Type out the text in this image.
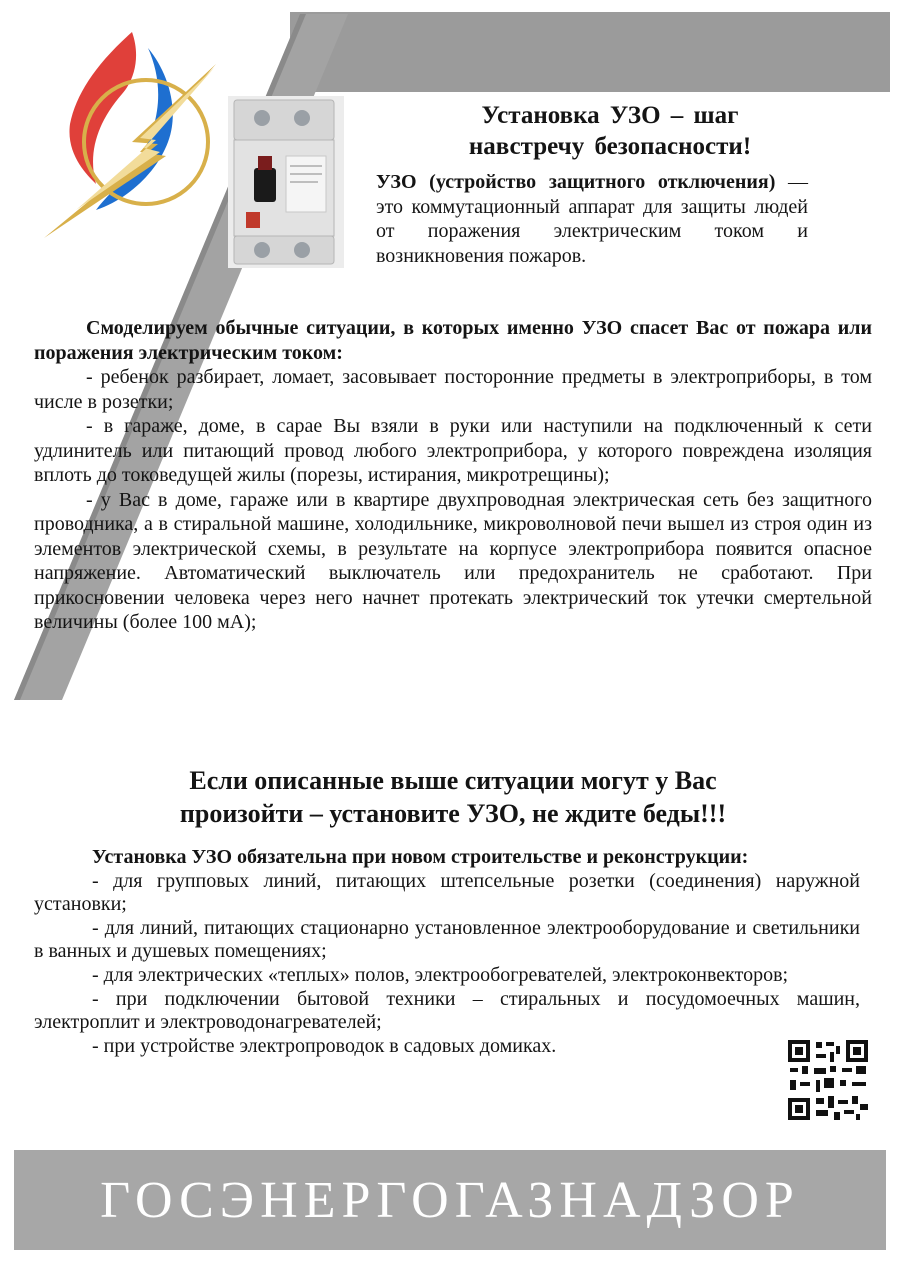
Установка УЗО – шаг
навстречу безопасности!
УЗО (устройство защитного отключения) — это коммутационный аппарат для защиты людей от поражения электрическим током и возникновения пожаров.

Смоделируем обычные ситуации, в которых именно УЗО спасет Вас от пожара или поражения электрическим током:

- ребенок разбирает, ломает, засовывает посторонние предметы в электроприборы, в том числе в розетки;

- в гараже, доме, в сарае Вы взяли в руки или наступили на подключенный к сети удлинитель или питающий провод любого электроприбора, у которого повреждена изоляция вплоть до токоведущей жилы (порезы, истирания, микротрещины);

- у Вас в доме, гараже или в квартире двухпроводная электрическая сеть без защитного проводника, а в стиральной машине, холодильнике, микроволновой печи вышел из строя один из элементов электрической схемы, в результате на корпусе электроприбора появится опасное напряжение. Автоматический выключатель или предохранитель не сработают. При прикосновении человека через него начнет протекать электрический ток утечки смертельной величины (более 100 мА);

Если описанные выше ситуации могут у Вас
произойти – установите УЗО, не ждите беды!!!

Установка УЗО обязательна при новом строительстве и реконструкции:

- для групповых линий, питающих штепсельные розетки (соединения) наружной установки;

- для линий, питающих стационарно установленное электрооборудование и светильники в ванных и душевых помещениях;

- для электрических «теплых» полов, электрообогревателей, электроконвекторов;

- при подключении бытовой техники – стиральных и посудомоечных машин, электроплит и электроводонагревателей;

- при устройстве электропроводок в садовых домиках.

ГОСЭНЕРГОГАЗНАДЗОР
